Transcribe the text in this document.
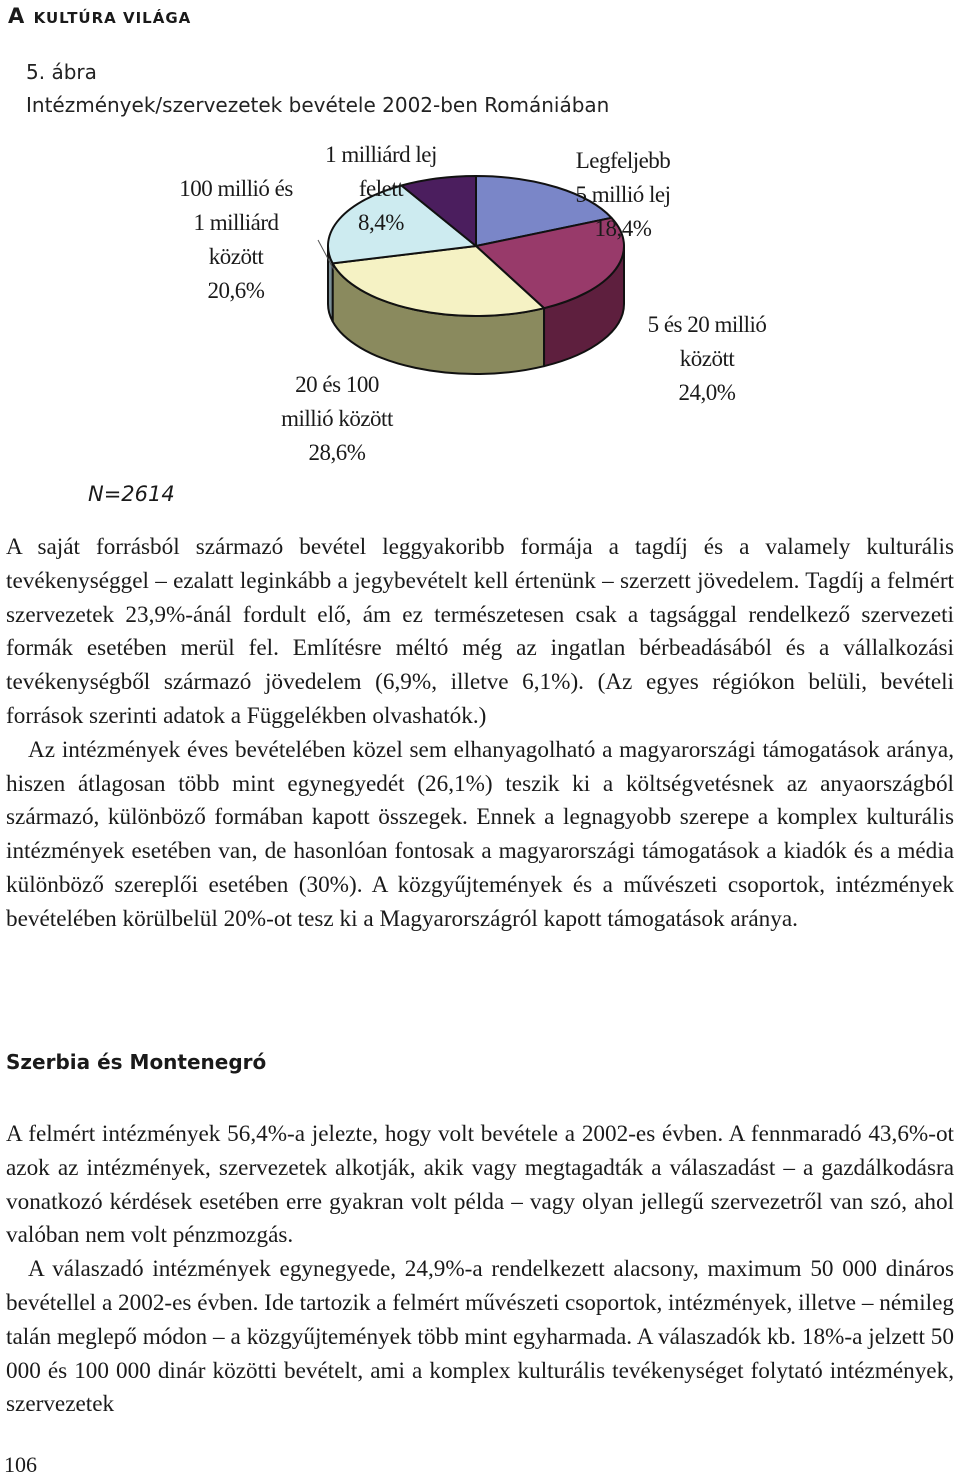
A KULTÚRA VILÁGA
5. ábra
Intézmények/szervezetek bevétele 2002-ben Romániában
Legfeljebb
5 millió lej
18,4%
5 és 20 millió
között
24,0%
20 és 100
millió között
28,6%
100 millió és
1 milliárd
között
20,6%
1 milliárd lej
felett
8,4%
N=2614

A saját forrásból származó bevétel leggyakoribb formája a tagdíj és a valamely kulturális tevékenységgel – ezalatt leginkább a jegybevételt kell értenünk – szerzett jövedelem. Tagdíj a felmért szervezetek 23,9%-ánál fordult elő, ám ez természetesen csak a tagsággal rendelkező szervezeti formák esetében merül fel. Említésre méltó még az ingatlan bérbeadásából és a vállalkozási tevékenységből származó jövedelem (6,9%, illetve 6,1%). (Az egyes régiókon belüli, bevételi források szerinti adatok a Függelékben olvashatók.)

Az intézmények éves bevételében közel sem elhanyagolható a magyarországi támogatások aránya, hiszen átlagosan több mint egynegyedét (26,1%) teszik ki a költségvetésnek az anyaországból származó, különböző formában kapott összegek. Ennek a legnagyobb szerepe a komplex kulturális intézmények esetében van, de hasonlóan fontosak a magyarországi támogatások a kiadók és a média különböző szereplői esetében (30%). A közgyűjtemények és a művészeti csoportok, intézmények bevételében körülbelül 20%-ot tesz ki a Magyarországról kapott támogatások aránya.

Szerbia és Montenegró

A felmért intézmények 56,4%-a jelezte, hogy volt bevétele a 2002-es évben. A fennmaradó 43,6%-ot azok az intézmények, szervezetek alkotják, akik vagy megtagadták a válaszadást – a gazdálkodásra vonatkozó kérdések esetében erre gyakran volt példa – vagy olyan jellegű szervezetről van szó, ahol valóban nem volt pénzmozgás.

A válaszadó intézmények egynegyede, 24,9%-a rendelkezett alacsony, maximum 50 000 dináros bevétellel a 2002-es évben. Ide tartozik a felmért művészeti csoportok, intézmények, illetve – némileg talán meglepő módon – a közgyűjtemények több mint egyharmada. A válaszadók kb. 18%-a jelzett 50 000 és 100 000 dinár közötti bevételt, ami a komplex kulturális tevékenységet folytató intézmények, szervezetek

106
